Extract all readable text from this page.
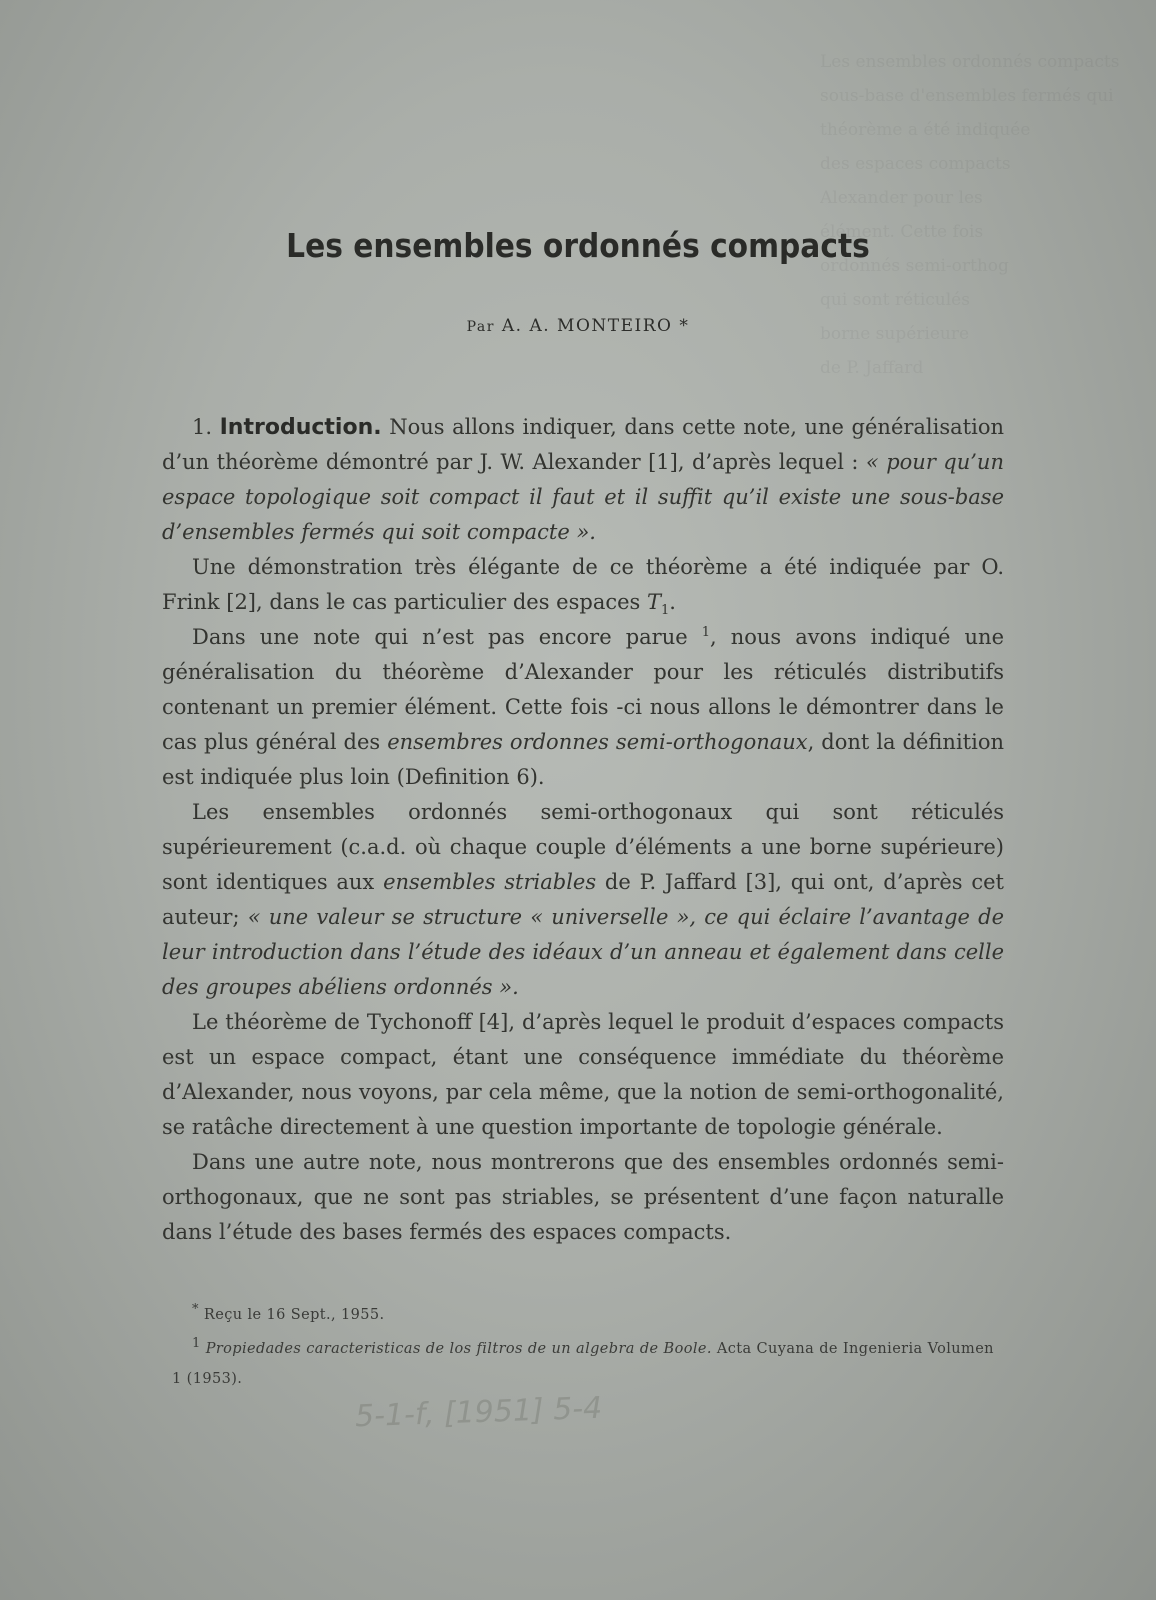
Les ensembles ordonnés compacts
sous-base d'ensembles fermés qui
théorème a été indiquée
des espaces compacts
Alexander pour les
élément. Cette fois
ordonnés semi-orthog
qui sont réticulés
borne supérieure
de P. Jaffard
Les ensembles ordonnés compacts
Par A. A. MONTEIRO *

1. Introduction. Nous allons indiquer, dans cette note, une généralisation d’un théorème démontré par J. W. Alexander [1], d’après lequel : « pour qu’un espace topologique soit compact il faut et il suffit qu’il existe une sous-base d’ensembles fermés qui soit compacte ».

Une démonstration très élégante de ce théorème a été indiquée par O. Frink [2], dans le cas particulier des espaces $T_1$.

Dans une note qui n’est pas encore parue $^1$, nous avons indiqué une généralisation du théorème d’Alexander pour les réticulés distributifs contenant un premier élément. Cette fois -ci nous allons le démontrer dans le cas plus général des ensembres ordonnes semi-orthogonaux, dont la définition est indiquée plus loin (Definition 6).

Les ensembles ordonnés semi-orthogonaux qui sont réticulés supérieurement (c.a.d. où chaque couple d’éléments a une borne supérieure) sont identiques aux ensembles striables de P. Jaffard [3], qui ont, d’après cet auteur; « une valeur se structure « universelle », ce qui éclaire l’avantage de leur introduction dans l’étude des idéaux d’un anneau et également dans celle des groupes abéliens ordonnés ».

Le théorème de Tychonoff [4], d’après lequel le produit d’espaces compacts est un espace compact, étant une conséquence immédiate du théorème d’Alexander, nous voyons, par cela même, que la notion de semi-orthogonalité, se ratâche directement à une question importante de topologie générale.

Dans une autre note, nous montrerons que des ensembles ordonnés semi-orthogonaux, que ne sont pas striables, se présentent d’une façon naturalle dans l’étude des bases fermés des espaces compacts.

* Reçu le 16 Sept., 1955.

$^1$ Propiedades caracteristicas de los filtros de un algebra de Boole. Acta Cuyana de Ingenieria Volumen 1 (1953).

5-1-f, [1951] 5-4
